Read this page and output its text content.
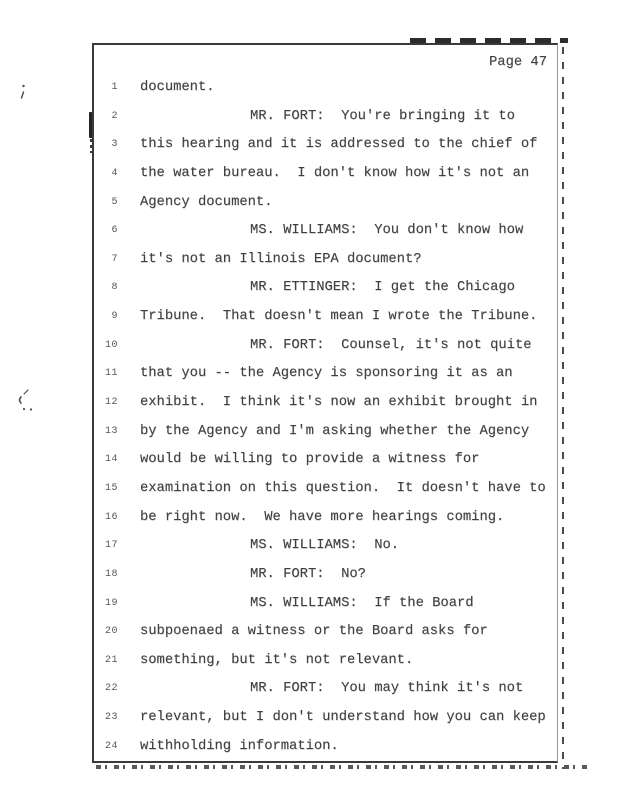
Page 47
1 document.
2	MR. FORT:  You're bringing it to
3 this hearing and it is addressed to the chief of
4 the water bureau.  I don't know how it's not an
5 Agency document.
6	MS. WILLIAMS:  You don't know how
7 it's not an Illinois EPA document?
8	MR. ETTINGER:  I get the Chicago
9 Tribune.  That doesn't mean I wrote the Tribune.
10	MR. FORT:  Counsel, it's not quite
11 that you -- the Agency is sponsoring it as an
12 exhibit.  I think it's now an exhibit brought in
13 by the Agency and I'm asking whether the Agency
14 would be willing to provide a witness for
15 examination on this question.  It doesn't have to
16 be right now.  We have more hearings coming.
17	MS. WILLIAMS:  No.
18	MR. FORT:  No?
19	MS. WILLIAMS:  If the Board
20 subpoenaed a witness or the Board asks for
21 something, but it's not relevant.
22	MR. FORT:  You may think it's not
23 relevant, but I don't understand how you can keep
24 withholding information.
